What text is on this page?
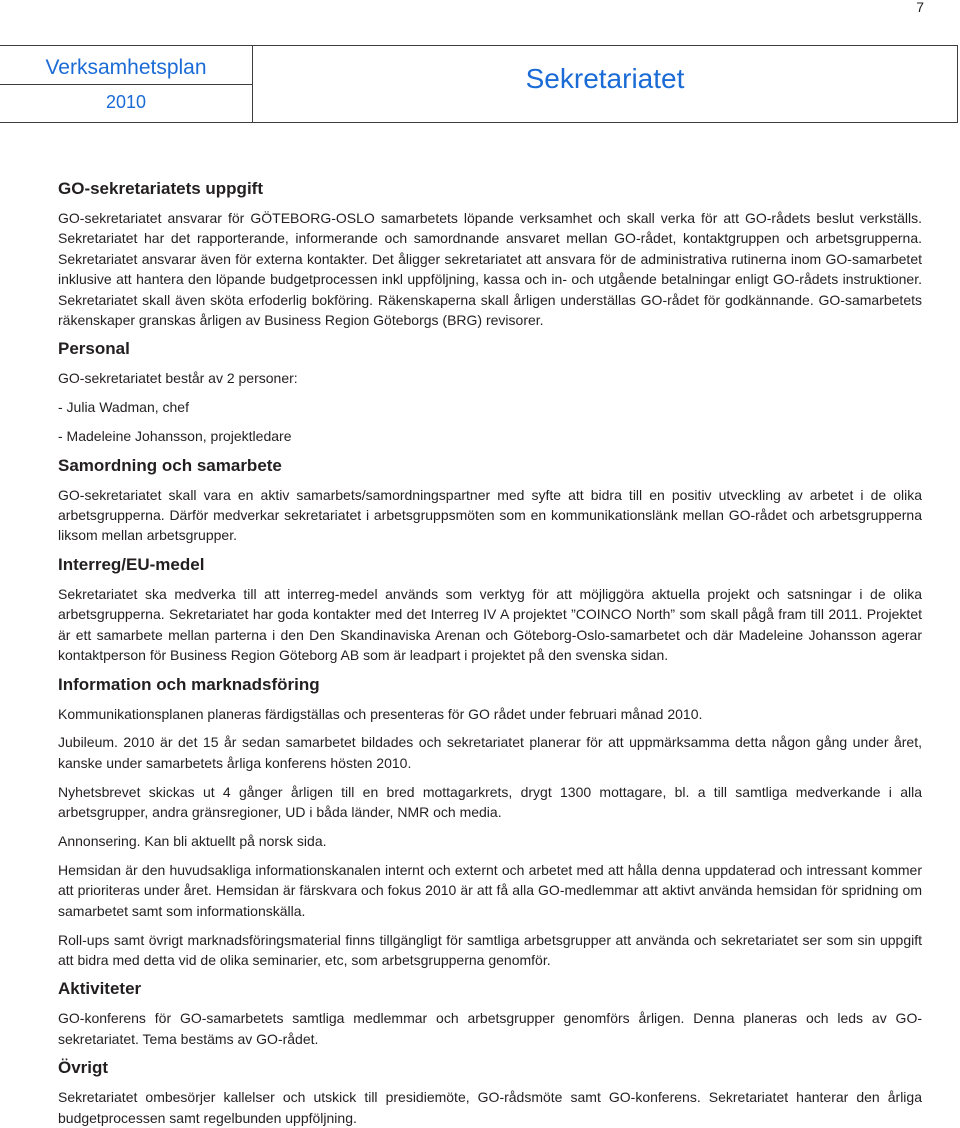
7
Verksamhetsplan
2010
Sekretariatet
GO-sekretariatets uppgift

GO-sekretariatet ansvarar för GÖTEBORG-OSLO samarbetets löpande verksamhet och skall verka för att GO-rådets beslut verkställs. Sekretariatet har det rapporterande, informerande och samordnande ansvaret mellan GO-rådet, kontaktgruppen och arbetsgrupperna. Sekretariatet ansvarar även för externa kontakter. Det åligger sekretariatet att ansvara för de administrativa rutinerna inom GO-samarbetet inklusive att hantera den löpande budgetprocessen inkl uppföljning, kassa och in- och utgående betalningar enligt GO-rådets instruktioner. Sekretariatet skall även sköta erfoderlig bokföring. Räkenskaperna skall årligen underställas GO-rådet för godkännande. GO-samarbetets räkenskaper granskas årligen av Business Region Göteborgs (BRG) revisorer.

Personal

GO-sekretariatet består av 2 personer:

- Julia Wadman, chef
- Madeleine Johansson, projektledare
Samordning och samarbete

GO-sekretariatet skall vara en aktiv samarbets/samordningspartner med syfte att bidra till en positiv utveckling av arbetet i de olika arbetsgrupperna. Därför medverkar sekretariatet i arbetsgruppsmöten som en kommunikationslänk mellan GO-rådet och arbetsgrupperna liksom mellan arbetsgrupper.

Interreg/EU-medel

Sekretariatet ska medverka till att interreg-medel används som verktyg för att möjliggöra aktuella projekt och satsningar i de olika arbetsgrupperna. Sekretariatet har goda kontakter med det Interreg IV A projektet ”COINCO North” som skall pågå fram till 2011. Projektet är ett samarbete mellan parterna i den Den Skandinaviska Arenan och Göteborg-Oslo-samarbetet och där Madeleine Johansson agerar kontaktperson för Business Region Göteborg AB som är leadpart i projektet på den svenska sidan.

Information och marknadsföring

Kommunikationsplanen planeras färdigställas och presenteras för GO rådet under februari månad 2010.

Jubileum. 2010 är det 15 år sedan samarbetet bildades och sekretariatet planerar för att uppmärksamma detta någon gång under året, kanske under samarbetets årliga konferens hösten 2010.

Nyhetsbrevet skickas ut 4 gånger årligen till en bred mottagarkrets, drygt 1300 mottagare, bl. a till samtliga medverkande i alla arbetsgrupper, andra gränsregioner, UD i båda länder, NMR och media.

Annonsering. Kan bli aktuellt på norsk sida.

Hemsidan är den huvudsakliga informationskanalen internt och externt och arbetet med att hålla denna uppdaterad och intressant kommer att prioriteras under året. Hemsidan är färskvara och fokus 2010 är att få alla GO-medlemmar att aktivt använda hemsidan för spridning om samarbetet samt som informationskälla.

Roll-ups samt övrigt marknadsföringsmaterial finns tillgängligt för samtliga arbetsgrupper att använda och sekretariatet ser som sin uppgift att bidra med detta vid de olika seminarier, etc, som arbetsgrupperna genomför.

Aktiviteter

GO-konferens för GO-samarbetets samtliga medlemmar och arbetsgrupper genomförs årligen. Denna planeras och leds av GO-sekretariatet. Tema bestäms av GO-rådet.

Övrigt

Sekretariatet ombesörjer kallelser och utskick till presidiemöte, GO-rådsmöte samt GO-konferens. Sekretariatet hanterar den årliga budgetprocessen samt regelbunden uppföljning.
